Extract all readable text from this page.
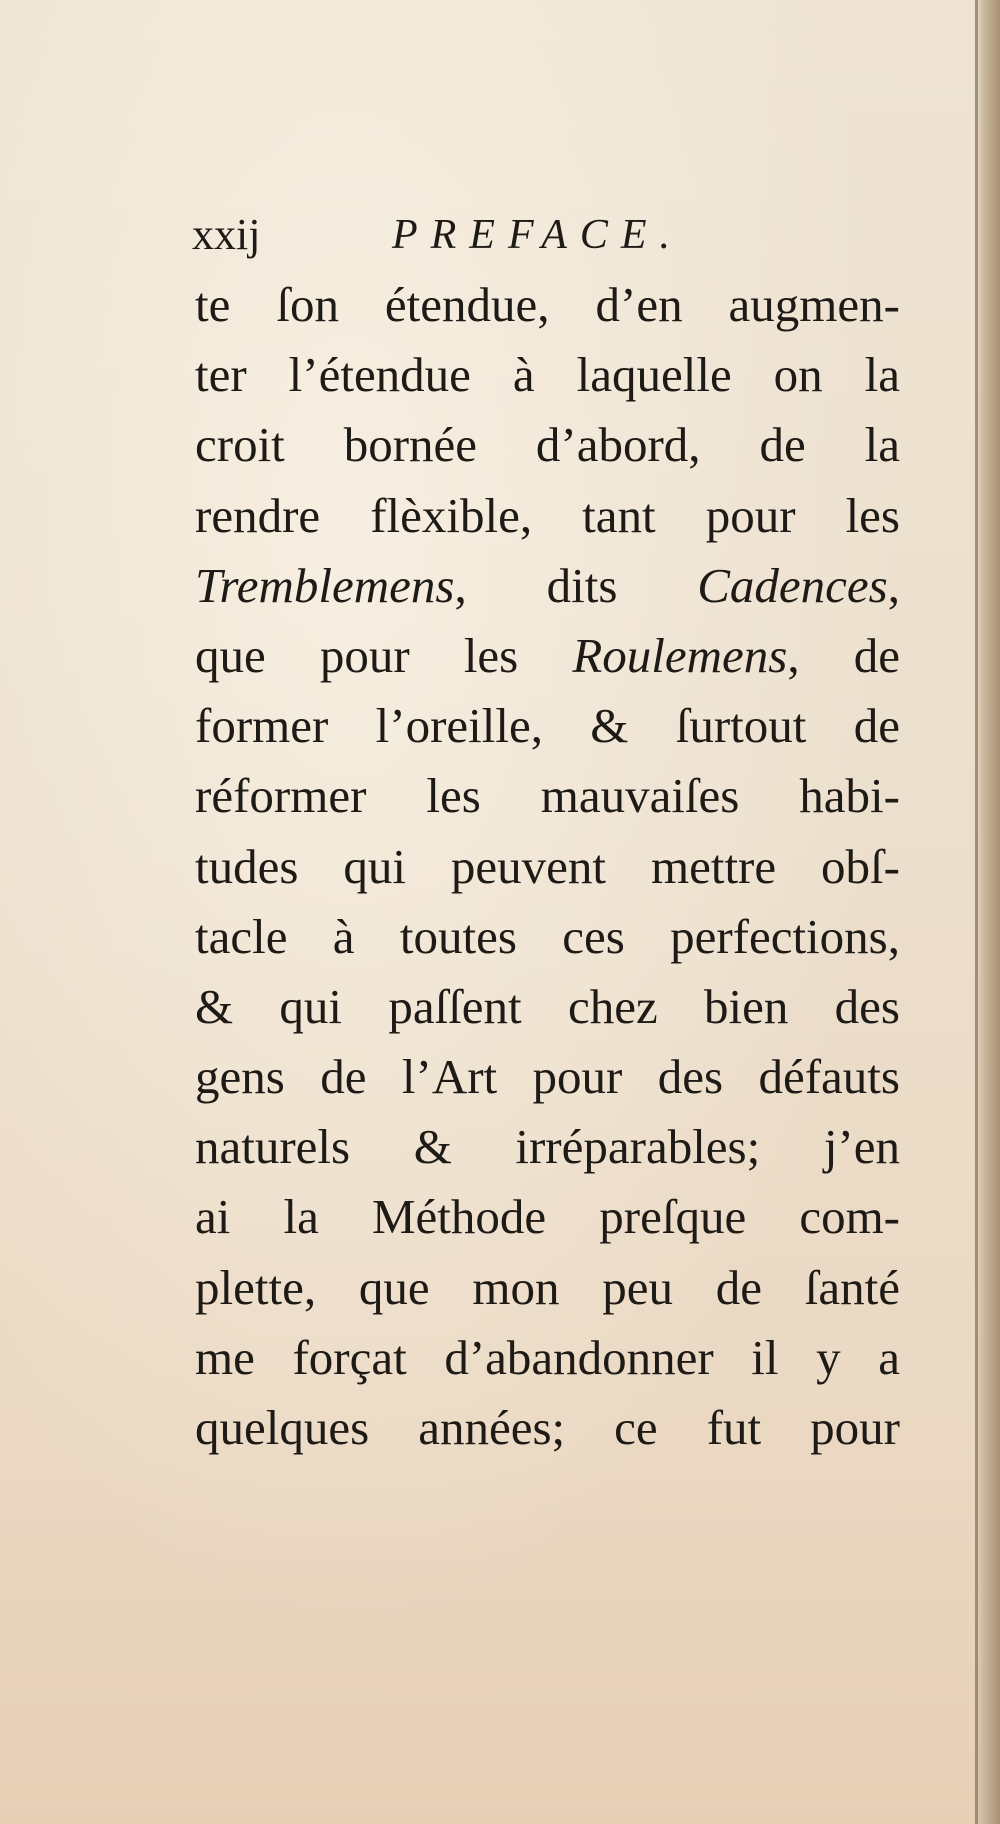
xxij	PREFACE.
te ſon étendue, d’en augmen-
ter l’étendue à laquelle on la
croit bornée d’abord, de la
rendre flèxible, tant pour les
Tremblemens, dits Cadences,
que pour les Roulemens, de
former l’oreille, & ſurtout de
réformer les mauvaiſes habi-
tudes qui peuvent mettre obſ-
tacle à toutes ces perfections,
& qui paſſent chez bien des
gens de l’Art pour des défauts
naturels & irréparables; j’en
ai la Méthode preſque com-
plette, que mon peu de ſanté
me forçat d’abandonner il y a
quelques années; ce fut pour
